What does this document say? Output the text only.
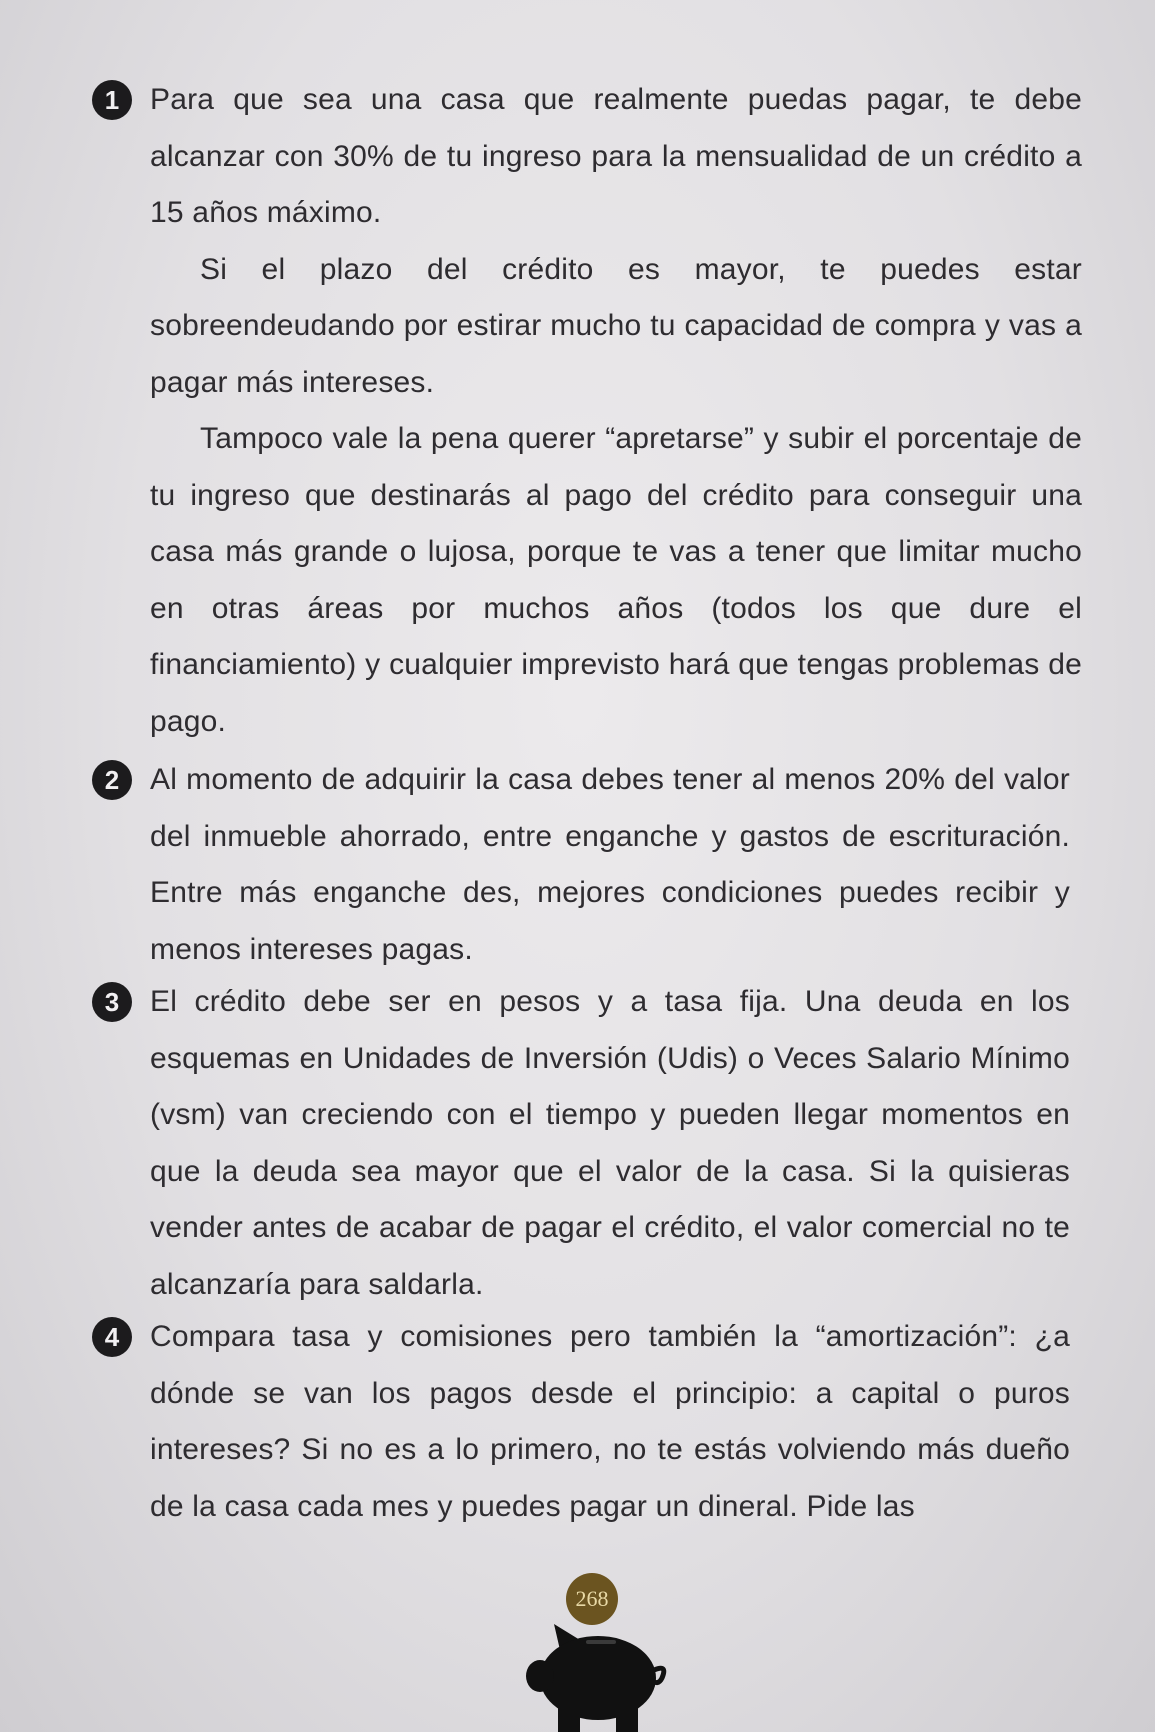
1	Para que sea una casa que realmente puedas pagar, te debe alcanzar con 30% de tu ingreso para la mensualidad de un crédito a 15 años máximo.

Si el plazo del crédito es mayor, te puedes estar sobreendeudando por estirar mucho tu capacidad de compra y vas a pagar más intereses.

Tampoco vale la pena querer “apretarse” y subir el porcentaje de tu ingreso que destinarás al pago del crédito para conseguir una casa más grande o lujosa, porque te vas a tener que limitar mucho en otras áreas por muchos años (todos los que dure el financiamiento) y cualquier imprevisto hará que tengas problemas de pago.

2	Al momento de adquirir la casa debes tener al menos 20% del valor del inmueble ahorrado, entre enganche y gastos de escrituración. Entre más enganche des, mejores condiciones puedes recibir y menos intereses pagas.

3	El crédito debe ser en pesos y a tasa fija. Una deuda en los esquemas en Unidades de Inversión (Udis) o Veces Salario Mínimo (vsm) van creciendo con el tiempo y pueden llegar momentos en que la deuda sea mayor que el valor de la casa. Si la quisieras vender antes de acabar de pagar el crédito, el valor comercial no te alcanzaría para saldarla.

4	Compara tasa y comisiones pero también la “amortización”: ¿a dónde se van los pagos desde el principio: a capital o puros intereses? Si no es a lo primero, no te estás volviendo más dueño de la casa cada mes y puedes pagar un dineral. Pide las

268
